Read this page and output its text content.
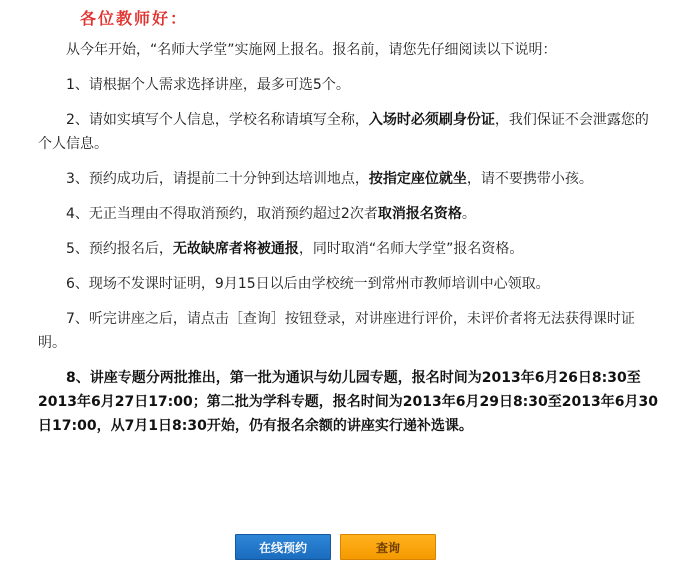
各位教师好：

从今年开始，“名师大学堂”实施网上报名。报名前，请您先仔细阅读以下说明：

1、请根据个人需求选择讲座，最多可选5个。

2、请如实填写个人信息，学校名称请填写全称，入场时必须刷身份证，我们保证不会泄露您的个人信息。

3、预约成功后，请提前二十分钟到达培训地点，按指定座位就坐，请不要携带小孩。

4、无正当理由不得取消预约，取消预约超过2次者取消报名资格。

5、预约报名后，无故缺席者将被通报，同时取消“名师大学堂”报名资格。

6、现场不发课时证明，9月15日以后由学校统一到常州市教师培训中心领取。

7、听完讲座之后，请点击［查询］按钮登录，对讲座进行评价，未评价者将无法获得课时证明。

8、讲座专题分两批推出，第一批为通识与幼儿园专题，报名时间为2013年6月26日8:30至2013年6月27日17:00；第二批为学科专题，报名时间为2013年6月29日8:30至2013年6月30日17:00，从7月1日8:30开始，仍有报名余额的讲座实行递补选课。

在线预约	查询
